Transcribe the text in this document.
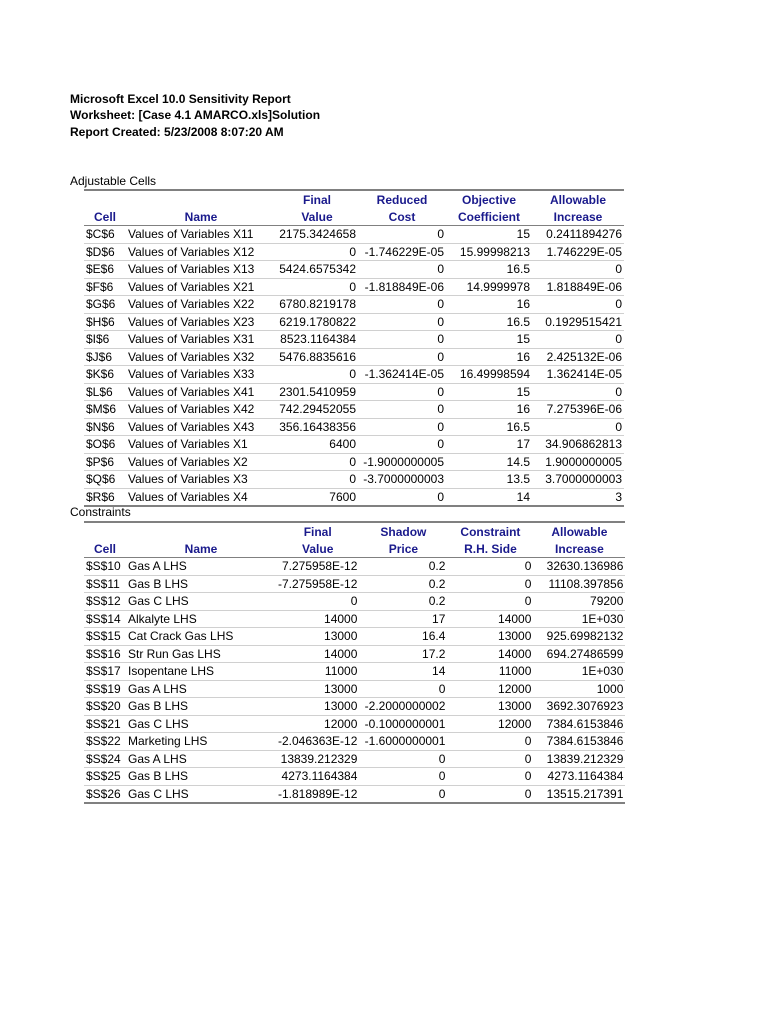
Microsoft Excel 10.0 Sensitivity Report
Worksheet: [Case 4.1 AMARCO.xls]Solution
Report Created: 5/23/2008 8:07:20 AM
Adjustable Cells
		Final	Reduced	Objective	Allowable
Cell	Name	Value	Cost	Coefficient	Increase
$C$6	Values of Variables X11	2175.3424658	0	15	0.2411894276
$D$6	Values of Variables X12	0	-1.746229E-05	15.99998213	1.746229E-05
$E$6	Values of Variables X13	5424.6575342	0	16.5	0
$F$6	Values of Variables X21	0	-1.818849E-06	14.9999978	1.818849E-06
$G$6	Values of Variables X22	6780.8219178	0	16	0
$H$6	Values of Variables X23	6219.1780822	0	16.5	0.1929515421
$I$6	Values of Variables X31	8523.1164384	0	15	0
$J$6	Values of Variables X32	5476.8835616	0	16	2.425132E-06
$K$6	Values of Variables X33	0	-1.362414E-05	16.49998594	1.362414E-05
$L$6	Values of Variables X41	2301.5410959	0	15	0
$M$6	Values of Variables X42	742.29452055	0	16	7.275396E-06
$N$6	Values of Variables X43	356.16438356	0	16.5	0
$O$6	Values of Variables X1	6400	0	17	34.906862813
$P$6	Values of Variables X2	0	-1.9000000005	14.5	1.9000000005
$Q$6	Values of Variables X3	0	-3.7000000003	13.5	3.7000000003
$R$6	Values of Variables X4	7600	0	14	3
Constraints
		Final	Shadow	Constraint	Allowable
Cell	Name	Value	Price	R.H. Side	Increase
$S$10	Gas A LHS	7.275958E-12	0.2	0	32630.136986
$S$11	Gas B LHS	-7.275958E-12	0.2	0	11108.397856
$S$12	Gas C LHS	0	0.2	0	79200
$S$14	Alkalyte LHS	14000	17	14000	1E+030
$S$15	Cat Crack Gas LHS	13000	16.4	13000	925.69982132
$S$16	Str Run Gas LHS	14000	17.2	14000	694.27486599
$S$17	Isopentane LHS	11000	14	11000	1E+030
$S$19	Gas A LHS	13000	0	12000	1000
$S$20	Gas B LHS	13000	-2.2000000002	13000	3692.3076923
$S$21	Gas C LHS	12000	-0.1000000001	12000	7384.6153846
$S$22	Marketing LHS	-2.046363E-12	-1.6000000001	0	7384.6153846
$S$24	Gas A LHS	13839.212329	0	0	13839.212329
$S$25	Gas B LHS	4273.1164384	0	0	4273.1164384
$S$26	Gas C LHS	-1.818989E-12	0	0	13515.217391
